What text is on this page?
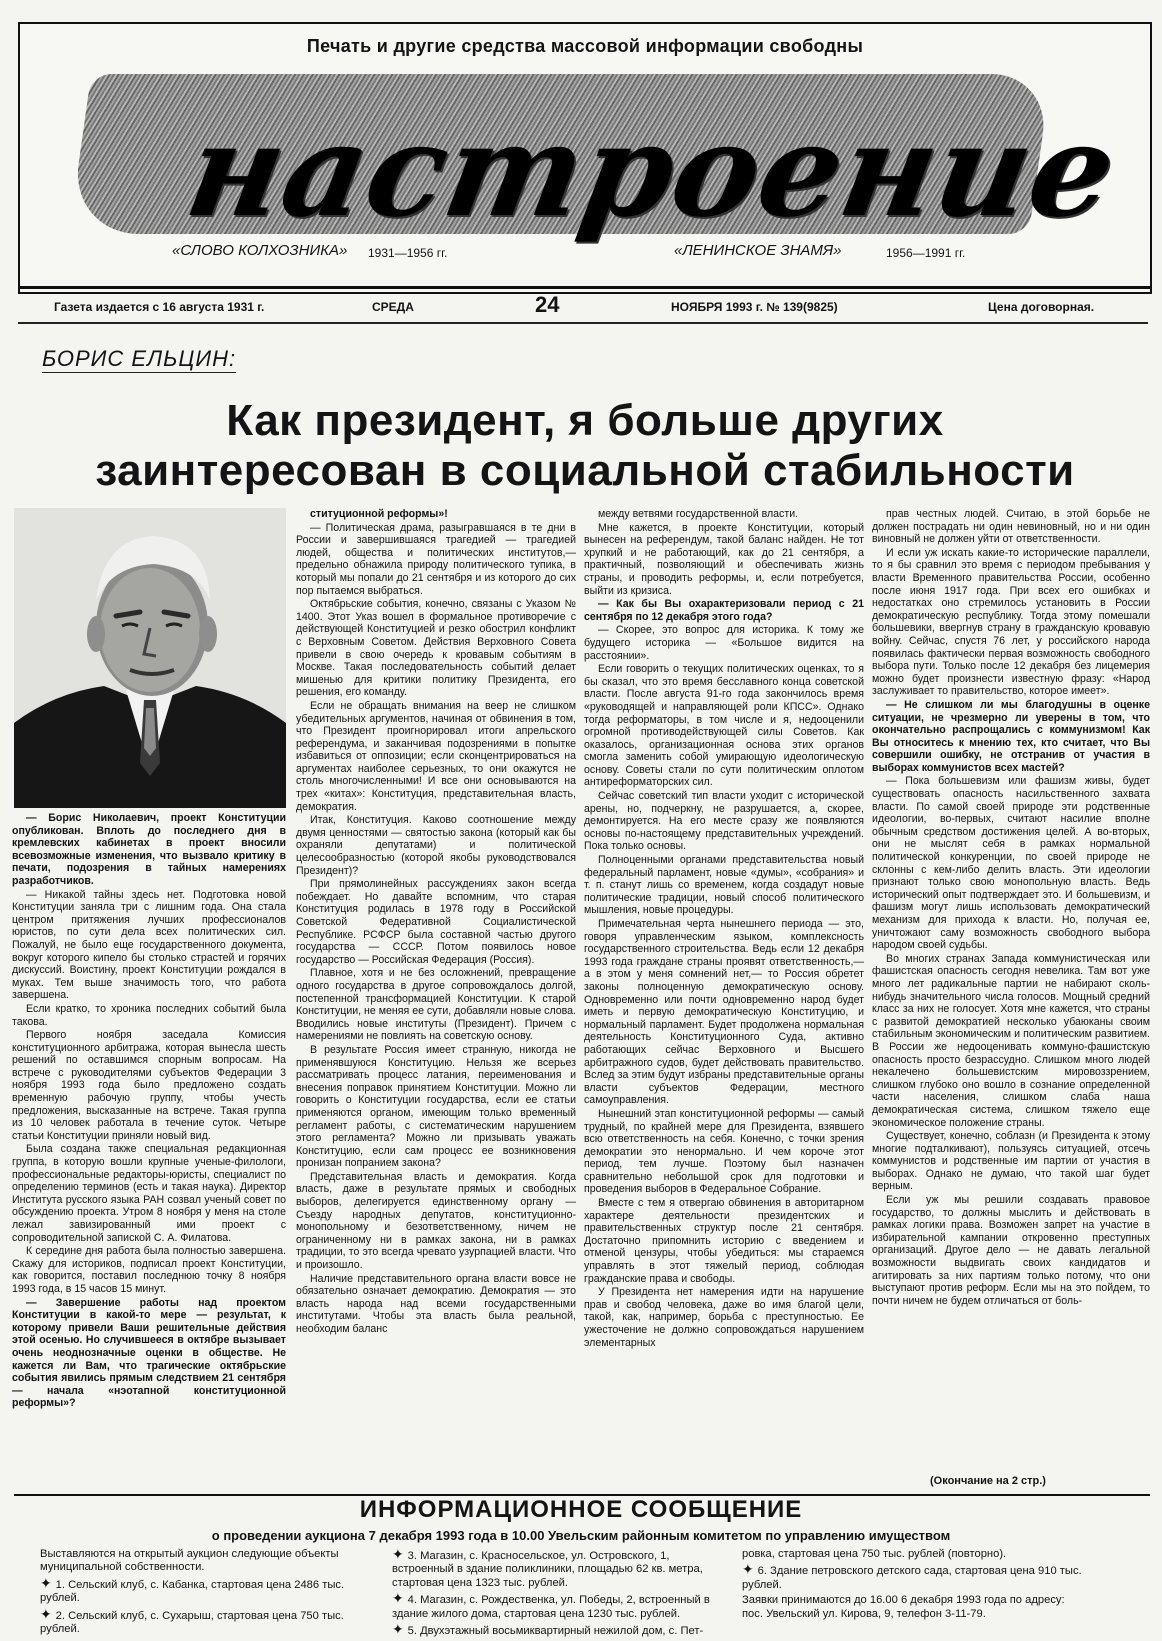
Печать и другие средства массовой информации свободны
настроение
«СЛОВО КОЛХОЗНИКА» 1931—1956 гг.	«ЛЕНИНСКОЕ ЗНАМЯ»	1956—1991 гг.
Газета издается с 16 августа 1931 г.	СРЕДА	24	НОЯБРЯ 1993 г. № 139(9825)	Цена договорная.
БОРИС ЕЛЬЦИН:
Как президент, я больше других
заинтересован в социальной стабильности

— Борис Николаевич, проект Конституции опубликован. Вплоть до последнего дня в кремлевских кабинетах в проект вносили всевозможные изменения, что вызвало критику в печати, подозрения в тайных намерениях разработчиков.

— Никакой тайны здесь нет. Подготовка новой Конституции заняла три с лишним года. Она стала центром притяжения лучших профессионалов юристов, по сути дела всех политических сил. Пожалуй, не было еще государственного документа, вокруг которого кипело бы столько страстей и горячих дискуссий. Воистину, проект Конституции рождался в муках. Тем выше значимость того, что работа завершена.

Если кратко, то хроника последних событий была такова.

Первого ноября заседала Комиссия конституционного арбитража, которая вынесла шесть решений по оставшимся спорным вопросам. На встрече с руководителями субъектов Федерации 3 ноября 1993 года было предложено создать временную рабочую группу, чтобы учесть предложения, высказанные на встрече. Такая группа из 10 человек работала в течение суток. Четыре статьи Конституции приняли новый вид.

Была создана также специальная редакционная группа, в которую вошли крупные ученые-филологи, профессиональные редакторы-юристы, специалист по определению терминов (есть и такая наука). Директор Института русского языка РАН созвал ученый совет по обсуждению проекта. Утром 8 ноября у меня на столе лежал завизированный ими проект с сопроводительной запиской С. А. Филатова.

К середине дня работа была полностью завершена. Скажу для историков, подписал проект Конституции, как говорится, поставил последнюю точку 8 ноября 1993 года, в 15 часов 15 минут.

— Завершение работы над проектом Конституции в какой-то мере — результат, к которому привели Ваши решительные действия этой осенью. Но случившееся в октябре вызывает очень неоднозначные оценки в обществе. Не кажется ли Вам, что трагические октябрьские события явились прямым следствием 21 сентября — начала «нэотапной конституционной реформы»?

ституционной реформы»!

— Политическая драма, разыгравшаяся в те дни в России и завершившаяся трагедией — трагедией людей, общества и политических институтов,— предельно обнажила природу политического тупика, в который мы попали до 21 сентября и из которого до сих пор пытаемся выбраться.

Октябрьские события, конечно, связаны с Указом № 1400. Этот Указ вошел в формальное противоречие с действующей Конституцией и резко обострил конфликт с Верховным Советом. Действия Верховного Совета привели в свою очередь к кровавым событиям в Москве. Такая последовательность событий делает мишенью для критики политику Президента, его решения, его команду.

Если не обращать внимания на веер не слишком убедительных аргументов, начиная от обвинения в том, что Президент проигнорировал итоги апрельского референдума, и заканчивая подозрениями в попытке избавиться от оппозиции; если сконцентрироваться на аргументах наиболее серьезных, то они окажутся не столь многочисленными! И все они основываются на трех «китах»: Конституция, представительная власть, демократия.

Итак, Конституция. Каково соотношение между двумя ценностями — святостью закона (который как бы охраняли депутатами) и политической целесообразностью (которой якобы руководствовался Президент)?

При прямолинейных рассуждениях закон всегда побеждает. Но давайте вспомним, что старая Конституция родилась в 1978 году в Российской Советской Федеративной Социалистической Республике. РСФСР была составной частью другого государства — СССР. Потом появилось новое государство — Российская Федерация (Россия).

Плавное, хотя и не без осложнений, превращение одного государства в другое сопровождалось долгой, постепенной трансформацией Конституции. К старой Конституции, не меняя ее сути, добавляли новые слова. Вводились новые институты (Президент). Причем с намерениями не повлиять на советскую основу.

В результате Россия имеет странную, никогда не применявшуюся Конституцию. Нельзя же всерьез рассматривать процесс латания, переименования и внесения поправок принятием Конституции. Можно ли говорить о Конституции государства, если ее статьи применяются органом, имеющим только временный регламент работы, с систематическим нарушением этого регламента? Можно ли призывать уважать Конституцию, если сам процесс ее возникновения пронизан попранием закона?

Представительная власть и демократия. Когда власть, даже в результате прямых и свободных выборов, делегируется единственному органу — Съезду народных депутатов, конституционно-монопольному и безответственному, ничем не ограниченному ни в рамках закона, ни в рамках традиции, то это всегда чревато узурпацией власти. Что и произошло.

Наличие представительного органа власти вовсе не обязательно означает демократию. Демократия — это власть народа над всеми государственными институтами. Чтобы эта власть была реальной, необходим баланс

между ветвями государственной власти.

Мне кажется, в проекте Конституции, который вынесен на референдум, такой баланс найден. Не тот хрупкий и не работающий, как до 21 сентября, а практичный, позволяющий и обеспечивать жизнь страны, и проводить реформы, и, если потребуется, выйти из кризиса.

— Как бы Вы охарактеризовали период с 21 сентября по 12 декабря этого года?

— Скорее, это вопрос для историка. К тому же будущего историка — «Большое видится на расстоянии».

Если говорить о текущих политических оценках, то я бы сказал, что это время бесславного конца советской власти. После августа 91-го года закончилось время «руководящей и направляющей роли КПСС». Однако тогда реформаторы, в том числе и я, недооценили огромной противодействующей силы Советов. Как оказалось, организационная основа этих органов смогла заменить собой умирающую идеологическую основу. Советы стали по сути политическим оплотом антиреформаторских сил.

Сейчас советский тип власти уходит с исторической арены, но, подчеркну, не разрушается, а, скорее, демонтируется. На его месте сразу же появляются основы по-настоящему представительных учреждений. Пока только основы.

Полноценными органами представительства новый федеральный парламент, новые «думы», «собрания» и т. п. станут лишь со временем, когда создадут новые политические традиции, новый способ политического мышления, новые процедуры.

Примечательная черта нынешнего периода — это, говоря управленческим языком, комплексность государственного строительства. Ведь если 12 декабря 1993 года граждане страны проявят ответственность,— а в этом у меня сомнений нет,— то Россия обретет законы полноценную демократическую основу. Одновременно или почти одновременно народ будет иметь и первую демократическую Конституцию, и нормальный парламент. Будет продолжена нормальная деятельность Конституционного Суда, активно работающих сейчас Верховного и Высшего арбитражного судов, будет действовать правительство. Вслед за этим будут избраны представительные органы власти субъектов Федерации, местного самоуправления.

Нынешний этап конституционной реформы — самый трудный, по крайней мере для Президента, взявшего всю ответственность на себя. Конечно, с точки зрения демократии это ненормально. И чем короче этот период, тем лучше. Поэтому был назначен сравнительно небольшой срок для подготовки и проведения выборов в Федеральное Собрание.

Вместе с тем я отвергаю обвинения в авторитарном характере деятельности президентских и правительственных структур после 21 сентября. Достаточно припомнить историю с введением и отменой цензуры, чтобы убедиться: мы стараемся управлять в этот тяжелый период, соблюдая гражданские права и свободы.

У Президента нет намерения идти на нарушение прав и свобод человека, даже во имя благой цели, такой, как, например, борьба с преступностью. Ее ужесточение не должно сопровождаться нарушением элементарных

прав честных людей. Считаю, в этой борьбе не должен пострадать ни один невиновный, но и ни один виновный не должен уйти от ответственности.

И если уж искать какие-то исторические параллели, то я бы сравнил это время с периодом пребывания у власти Временного правительства России, особенно после июня 1917 года. При всех его ошибках и недостатках оно стремилось установить в России демократическую республику. Тогда этому помешали большевики, ввергнув страну в гражданскую кровавую войну. Сейчас, спустя 76 лет, у российского народа появилась фактически первая возможность свободного выбора пути. Только после 12 декабря без лицемерия можно будет произнести известную фразу: «Народ заслуживает то правительство, которое имеет».

— Не слишком ли мы благодушны в оценке ситуации, не чрезмерно ли уверены в том, что окончательно распрощались с коммунизмом! Как Вы относитесь к мнению тех, кто считает, что Вы совершили ошибку, не отстранив от участия в выборах коммунистов всех мастей?

— Пока большевизм или фашизм живы, будет существовать опасность насильственного захвата власти. По самой своей природе эти родственные идеологии, во-первых, считают насилие вполне обычным средством достижения целей. А во-вторых, они не мыслят себя в рамках нормальной политической конкуренции, по своей природе не склонны с кем-либо делить власть. Эти идеологии признают только свою монопольную власть. Ведь исторический опыт подтверждает это. И большевизм, и фашизм могут лишь использовать демократический механизм для прихода к власти. Но, получая ее, уничтожают саму возможность свободного выбора народом своей судьбы.

Во многих странах Запада коммунистическая или фашистская опасность сегодня невелика. Там вот уже много лет радикальные партии не набирают сколь-нибудь значительного числа голосов. Мощный средний класс за них не голосует. Хотя мне кажется, что страны с развитой демократией несколько убаюканы своим стабильным экономическим и политическим развитием. В России же недооценивать коммуно-фашистскую опасность просто безрассудно. Слишком много людей некалечено большевистским мировоззрением, слишком глубоко оно вошло в сознание определенной части населения, слишком слаба наша демократическая система, слишком тяжело еще экономическое положение страны.

Существует, конечно, соблазн (и Президента к этому многие подталкивают), пользуясь ситуацией, отсечь коммунистов и родственные им партии от участия в выборах. Однако не думаю, что такой шаг будет верным.

Если уж мы решили создавать правовое государство, то должны мыслить и действовать в рамках логики права. Возможен запрет на участие в избирательной кампании откровенно преступных организаций. Другое дело — не давать легальной возможности выдвигать своих кандидатов и агитировать за них партиям только потому, что они выступают против реформ. Если мы на это пойдем, то почти ничем не будем отличаться от боль-

(Окончание на 2 стр.)
ИНФОРМАЦИОННОЕ СООБЩЕНИЕ
о проведении аукциона 7 декабря 1993 года в 10.00 Увельским районным комитетом по управлению имуществом

Выставляются на открытый аукцион следующие объекты муниципальной собственности.

✦ 1. Сельский клуб, с. Кабанка, стартовая цена 2486 тыс. рублей.

✦ 2. Сельский клуб, с. Сухарыш, стартовая цена 750 тыс. рублей.

✦ 3. Магазин, с. Красносельское, ул. Островского, 1, встроенный в здание поликлиники, площадью 62 кв. метра, стартовая цена 1323 тыс. рублей.

✦ 4. Магазин, с. Рождественка, ул. Победы, 2, встроенный в здание жилого дома, стартовая цена 1230 тыс. рублей.

✦ 5. Двухэтажный восьмиквартирный нежилой дом, с. Пет-

ровка, стартовая цена 750 тыс. рублей (повторно).

✦ 6. Здание петровского детского сада, стартовая цена 910 тыс. рублей.

Заявки принимаются до 16.00 6 декабря 1993 года по адресу: пос. Увельский ул. Кирова, 9, телефон 3-11-79.
